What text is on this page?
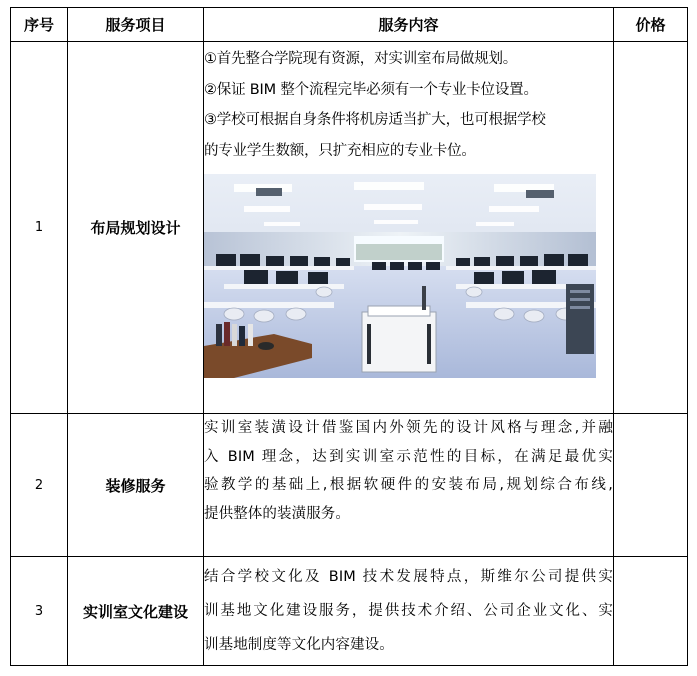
序号	服务项目	服务内容	价格
1	布局规划设计	①首先整合学院现有资源，对实训室布局做规划。
②保证 BIM 整个流程完毕必须有一个专业卡位设置。
③学校可根据自身条件将机房适当扩大，也可根据学校
的专业学生数额，只扩充相应的专业卡位。	

2	装修服务	实训室装潢设计借鉴国内外领先的设计风格与理念,并融
入 BIM 理念，达到实训室示范性的目标，在满足最优实
验教学的基础上,根据软硬件的安装布局,规划综合布线,
提供整体的装潢服务。	

3	实训室文化建设	结合学校文化及 BIM 技术发展特点，斯维尔公司提供实
训基地文化建设服务，提供技术介绍、公司企业文化、实
训基地制度等文化内容建设。	
